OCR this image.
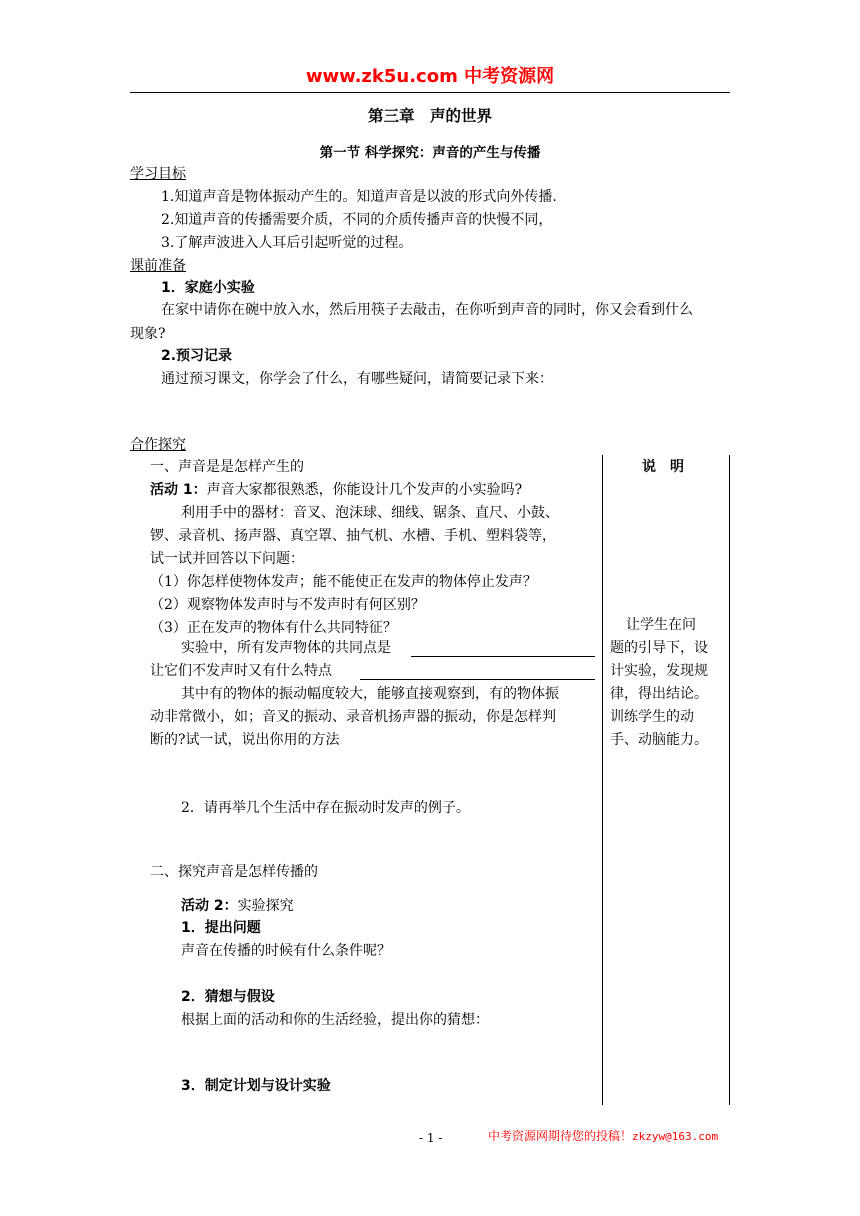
www.zk5u.com 中考资源网
第三章　声的世界
第一节 科学探究：声音的产生与传播
学习目标
1.知道声音是物体振动产生的。知道声音是以波的形式向外传播.
2.知道声音的传播需要介质，不同的介质传播声音的快慢不同，
3.了解声波进入人耳后引起听觉的过程。
课前准备
1．家庭小实验
在家中请你在碗中放入水，然后用筷子去敲击，在你听到声音的同时，你又会看到什么
现象?
2.预习记录
通过预习课文，你学会了什么，有哪些疑问，请简要记录下来：
合作探究
说　明
一、声音是是怎样产生的
活动 1：声音大家都很熟悉，你能设计几个发声的小实验吗?
利用手中的器材：音叉、泡沫球、细线、锯条、直尺、小鼓、
锣、录音机、扬声器、真空罩、抽气机、水槽、手机、塑料袋等，
试一试并回答以下问题：
（1）你怎样使物体发声；能不能使正在发声的物体停止发声？
（2）观察物体发声时与不发声时有何区别？
（3）正在发声的物体有什么共同特征？
实验中，所有发声物体的共同点是
让它们不发声时又有什么特点
其中有的物体的振动幅度较大，能够直接观察到，有的物体振
动非常微小，如；音叉的振动、录音机扬声器的振动，你是怎样判
断的?试一试，说出你用的方法
2．请再举几个生活中存在振动时发声的例子。
二、探究声音是怎样传播的
活动 2：实验探究
1．提出问题
声音在传播的时候有什么条件呢？
2．猜想与假设
根据上面的活动和你的生活经验，提出你的猜想：
3．制定计划与设计实验
让学生在问
题的引导下，设
计实验，发现规
律，得出结论。
训练学生的动
手、动脑能力。
- 1 -	中考资源网期待您的投稿！zkzyw@163.com
